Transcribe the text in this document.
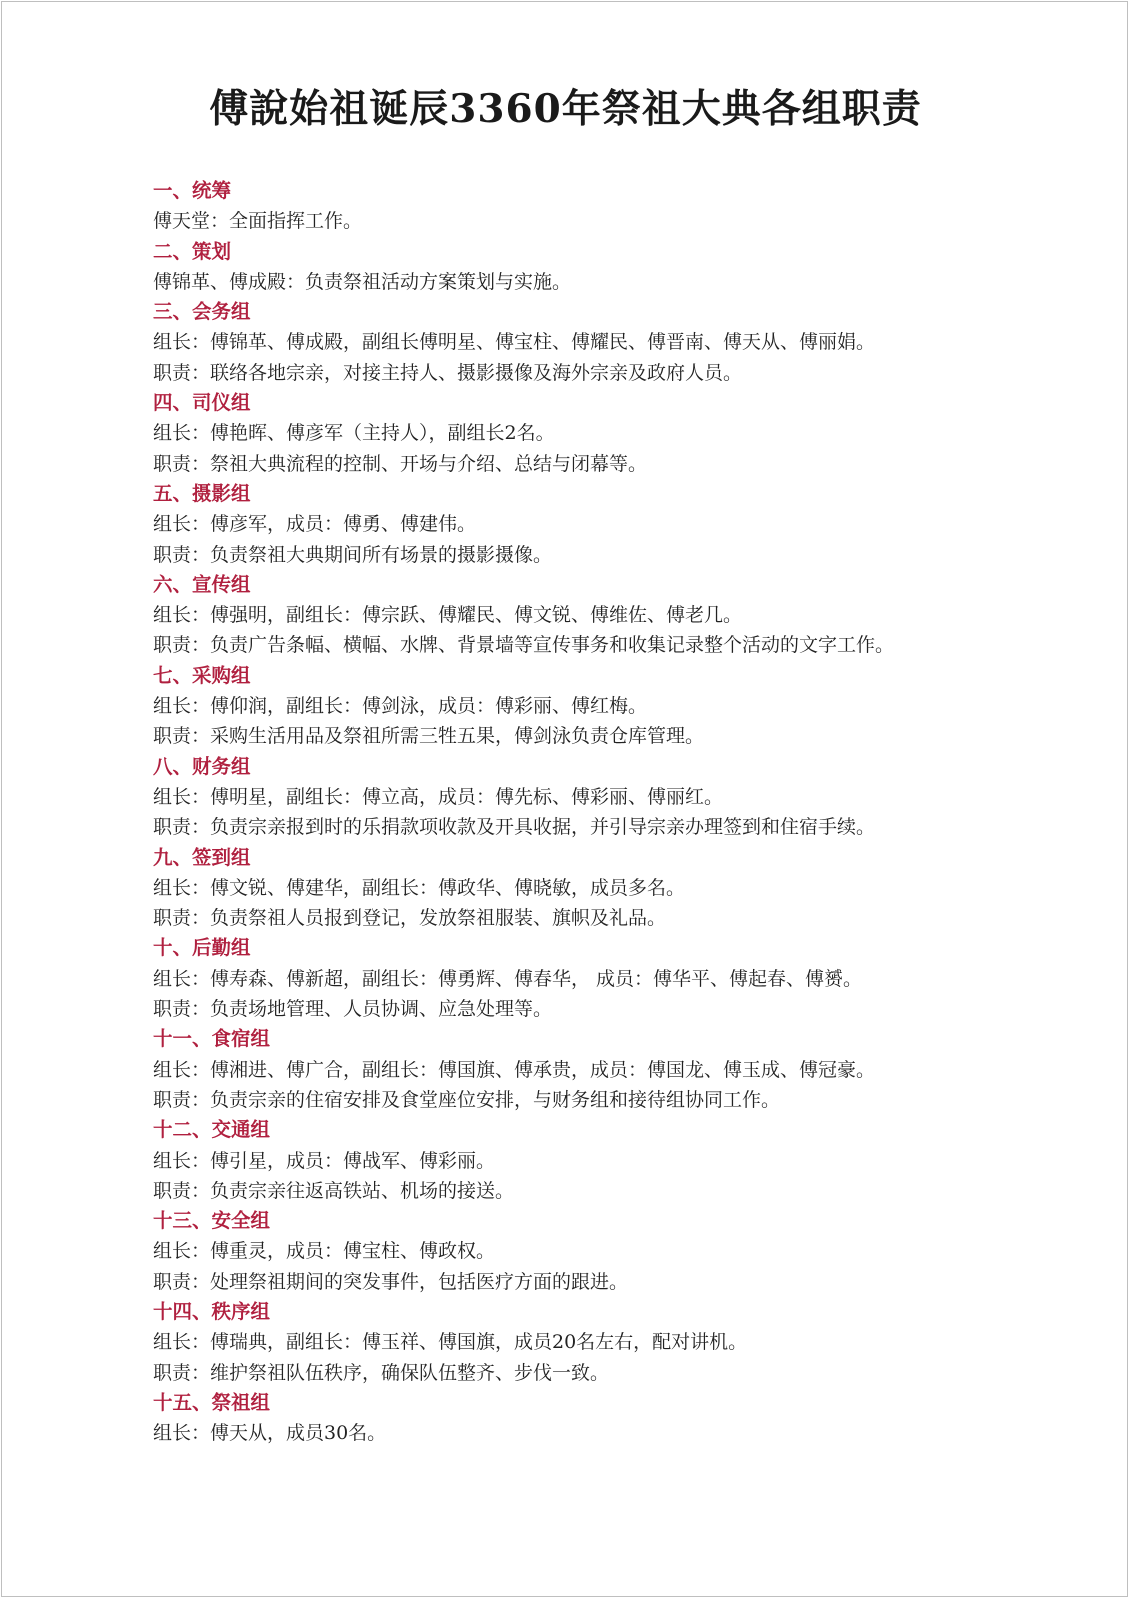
傅說始祖诞辰3360年祭祖大典各组职责
一、统筹
傅天堂：全面指挥工作。
二、策划
傅锦革、傅成殿：负责祭祖活动方案策划与实施。
三、会务组
组长：傅锦革、傅成殿，副组长傅明星、傅宝柱、傅耀民、傅晋南、傅天从、傅丽娟。
职责：联络各地宗亲，对接主持人、摄影摄像及海外宗亲及政府人员。
四、司仪组
组长：傅艳晖、傅彦军（主持人），副组长2名。
职责：祭祖大典流程的控制、开场与介绍、总结与闭幕等。
五、摄影组
组长：傅彦军，成员：傅勇、傅建伟。
职责：负责祭祖大典期间所有场景的摄影摄像。
六、宣传组
组长：傅强明，副组长：傅宗跃、傅耀民、傅文锐、傅维佐、傅老几。
职责：负责广告条幅、横幅、水牌、背景墙等宣传事务和收集记录整个活动的文字工作。
七、采购组
组长：傅仰润，副组长：傅剑泳，成员：傅彩丽、傅红梅。
职责：采购生活用品及祭祖所需三牲五果，傅剑泳负责仓库管理。
八、财务组
组长：傅明星，副组长：傅立高，成员：傅先标、傅彩丽、傅丽红。
职责：负责宗亲报到时的乐捐款项收款及开具收据，并引导宗亲办理签到和住宿手续。
九、签到组
组长：傅文锐、傅建华，副组长：傅政华、傅晓敏，成员多名。
职责：负责祭祖人员报到登记，发放祭祖服装、旗帜及礼品。
十、后勤组
组长：傅寿森、傅新超，副组长：傅勇辉、傅春华， 成员：傅华平、傅起春、傅赟。
职责：负责场地管理、人员协调、应急处理等。
十一、食宿组
组长：傅湘进、傅广合，副组长：傅国旗、傅承贵，成员：傅国龙、傅玉成、傅冠豪。
职责：负责宗亲的住宿安排及食堂座位安排，与财务组和接待组协同工作。
十二、交通组
组长：傅引星，成员：傅战军、傅彩丽。
职责：负责宗亲往返高铁站、机场的接送。
十三、安全组
组长：傅重灵，成员：傅宝柱、傅政权。
职责：处理祭祖期间的突发事件，包括医疗方面的跟进。
十四、秩序组
组长：傅瑞典，副组长：傅玉祥、傅国旗，成员20名左右，配对讲机。
职责：维护祭祖队伍秩序，确保队伍整齐、步伐一致。
十五、祭祖组
组长：傅天从，成员30名。
